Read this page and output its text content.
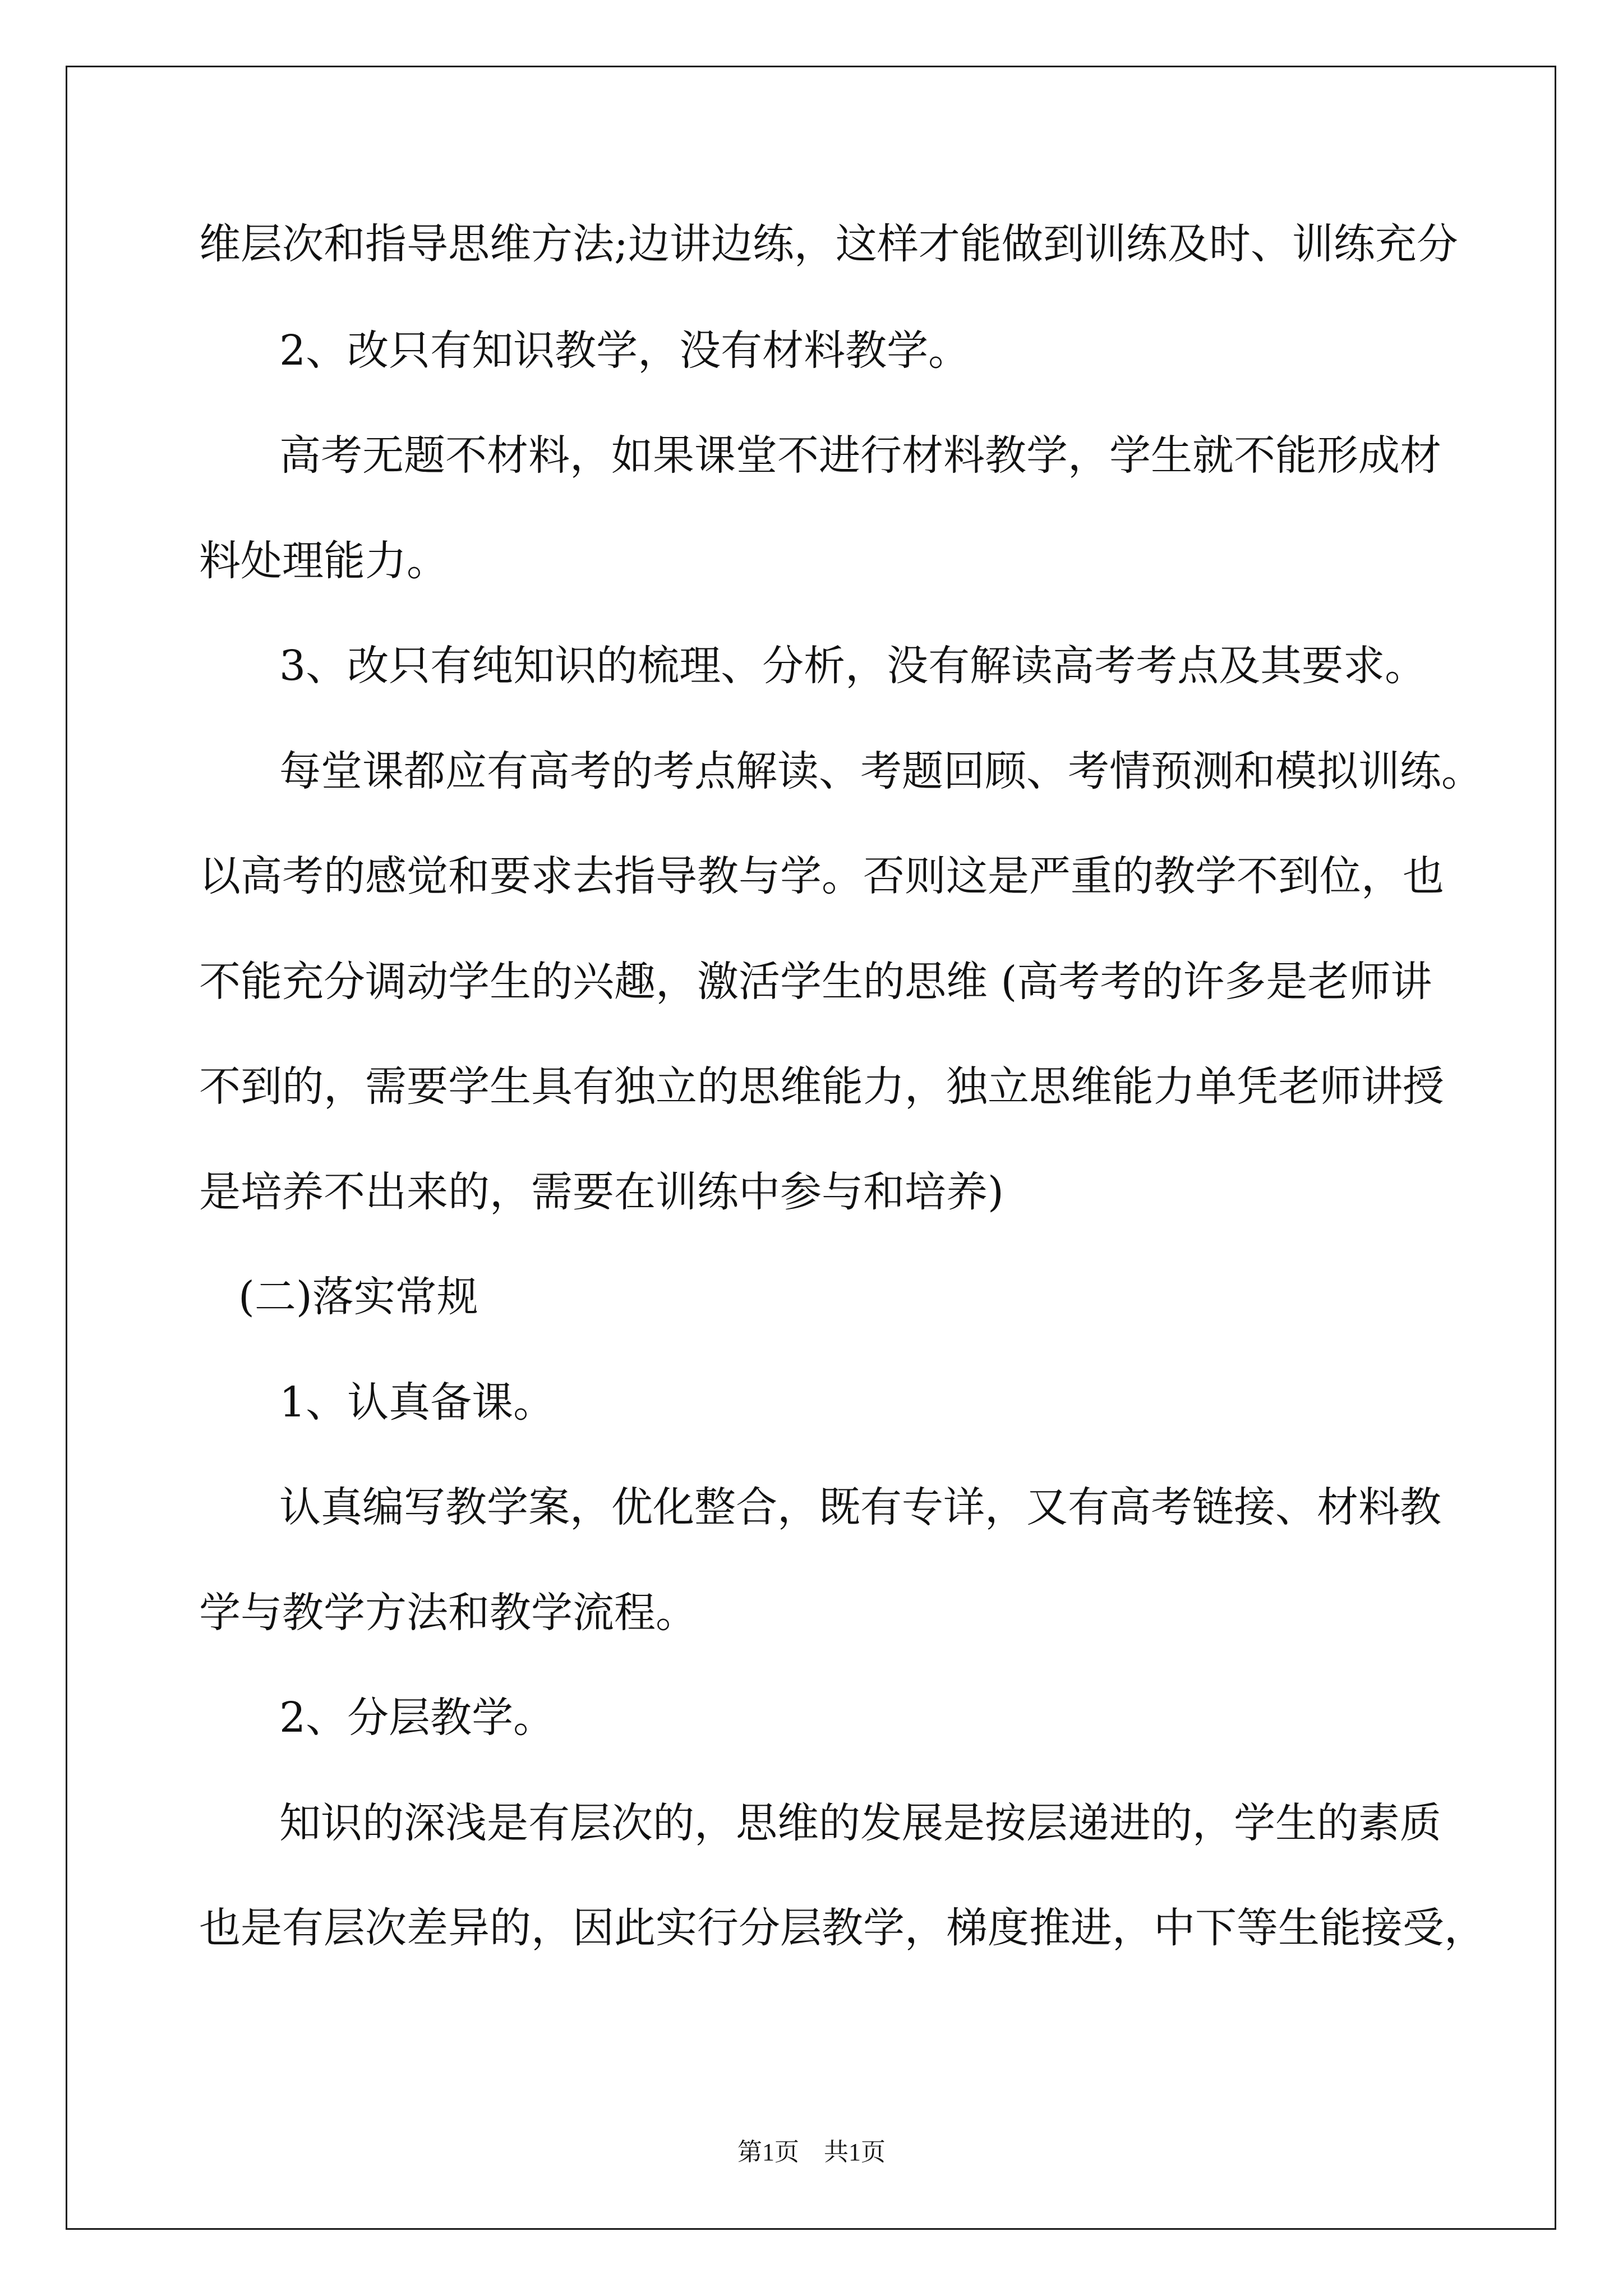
维层次和指导思维方法;边讲边练，这样才能做到训练及时、训练充分

2、改只有知识教学，没有材料教学。

高考无题不材料，如果课堂不进行材料教学，学生就不能形成材

料处理能力。

3、改只有纯知识的梳理、分析，没有解读高考考点及其要求。

每堂课都应有高考的考点解读、考题回顾、考情预测和模拟训练。

以高考的感觉和要求去指导教与学。否则这是严重的教学不到位，也

不能充分调动学生的兴趣，激活学生的思维 (高考考的许多是老师讲

不到的，需要学生具有独立的思维能力，独立思维能力单凭老师讲授

是培养不出来的，需要在训练中参与和培养)

(二)落实常规

1、认真备课。

认真编写教学案，优化整合，既有专详，又有高考链接、材料教

学与教学方法和教学流程。

2、分层教学。

知识的深浅是有层次的，思维的发展是按层递进的，学生的素质

也是有层次差异的，因此实行分层教学，梯度推进，中下等生能接受，

第1页 共1页
